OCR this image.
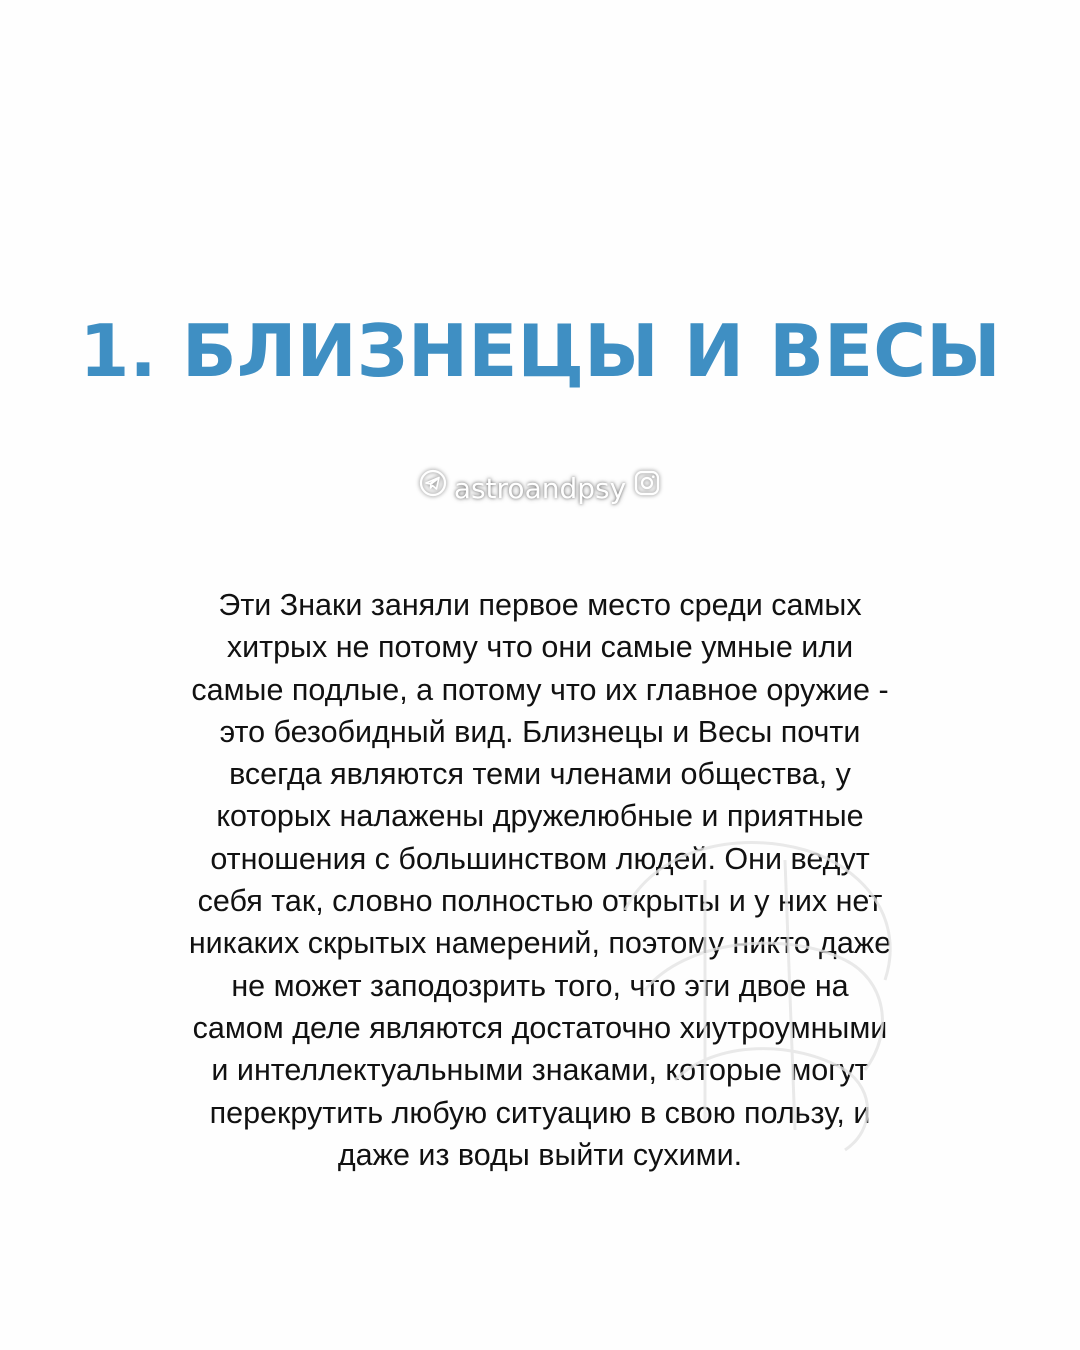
1. БЛИЗНЕЦЫ И ВЕСЫ
astroandpsy
Эти Знаки заняли первое место среди самых
хитрых не потому что они самые умные или
самые подлые, а потому что их главное оружие -
это безобидный вид. Близнецы и Весы почти
всегда являются теми членами общества, у
которых налажены дружелюбные и приятные
отношения с большинством людей. Они ведут
себя так, словно полностью открыты и у них нет
никаких скрытых намерений, поэтому никто даже
не может заподозрить того, что эти двое на
самом деле являются достаточно хиутроумными
и интеллектуальными знаками, которые могут
перекрутить любую ситуацию в свою пользу, и
даже из воды выйти сухими.
